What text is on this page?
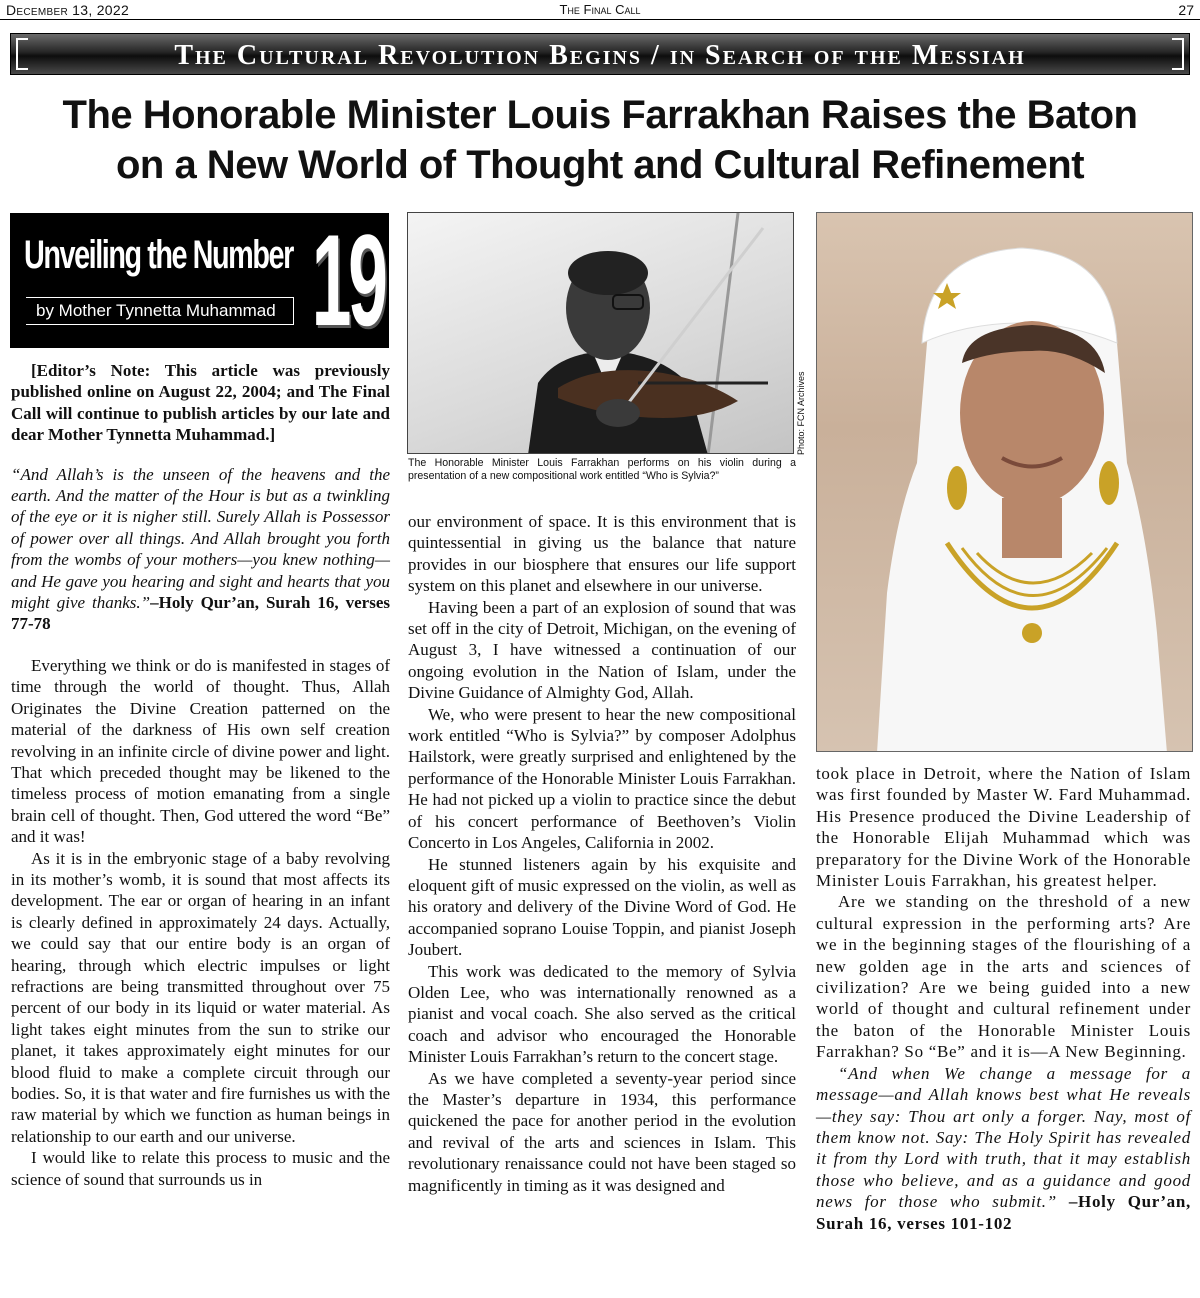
December 13, 2022	The Final Call	27
The Cultural Revolution Begins / in Search of the Messiah
The Honorable Minister Louis Farrakhan Raises the Baton
on a New World of Thought and Cultural Refinement
Unveiling the Number
by Mother Tynnetta Muhammad 19
Photo: FCN Archives
The Honorable Minister Louis Farrakhan performs on his violin during a presentation of a new compositional work entitled “Who is Sylvia?”

[Editor’s Note: This article was previously published online on August 22, 2004; and The Final Call will continue to publish articles by our late and dear Mother Tynnetta Muhammad.]

“And Allah’s is the unseen of the heavens and the earth. And the matter of the Hour is but as a twinkling of the eye or it is nigher still. Surely Allah is Possessor of power over all things. And Allah brought you forth from the wombs of your mothers—you knew nothing—and He gave you hearing and sight and hearts that you might give thanks.”–Holy Qur’an, Surah 16, verses 77-78

Everything we think or do is manifested in stages of time through the world of thought. Thus, Allah Originates the Divine Creation patterned on the material of the darkness of His own self creation revolving in an infinite circle of divine power and light. That which preceded thought may be likened to the timeless process of motion emanating from a single brain cell of thought. Then, God uttered the word “Be” and it was!

As it is in the embryonic stage of a baby revolving in its mother’s womb, it is sound that most affects its development. The ear or organ of hearing in an infant is clearly defined in approximately 24 days. Actually, we could say that our entire body is an organ of hearing, through which electric impulses or light refractions are being transmitted throughout over 75 percent of our body in its liquid or water material. As light takes eight minutes from the sun to strike our planet, it takes approximately eight minutes for our blood fluid to make a complete circuit through our bodies. So, it is that water and fire furnishes us with the raw material by which we function as human beings in relationship to our earth and our universe.

I would like to relate this process to music and the science of sound that surrounds us in

our environment of space. It is this environment that is quintessential in giving us the balance that nature provides in our biosphere that ensures our life support system on this planet and elsewhere in our universe.

Having been a part of an explosion of sound that was set off in the city of Detroit, Michigan, on the evening of August 3, I have witnessed a continuation of our ongoing evolution in the Nation of Islam, under the Divine Guidance of Almighty God, Allah.

We, who were present to hear the new compositional work entitled “Who is Sylvia?” by composer Adolphus Hailstork, were greatly surprised and enlightened by the performance of the Honorable Minister Louis Farrakhan. He had not picked up a violin to practice since the debut of his concert performance of Beethoven’s Violin Concerto in Los Angeles, California in 2002.

He stunned listeners again by his exquisite and eloquent gift of music expressed on the violin, as well as his oratory and delivery of the Divine Word of God. He accompanied soprano Louise Toppin, and pianist Joseph Joubert.

This work was dedicated to the memory of Sylvia Olden Lee, who was internationally renowned as a pianist and vocal coach. She also served as the critical coach and advisor who encouraged the Honorable Minister Louis Farrakhan’s return to the concert stage.

As we have completed a seventy-year period since the Master’s departure in 1934, this performance quickened the pace for another period in the evolution and revival of the arts and sciences in Islam. This revolutionary renaissance could not have been staged so magnificently in timing as it was designed and

took place in Detroit, where the Nation of Islam was first founded by Master W. Fard Muhammad. His Presence produced the Divine Leadership of the Honorable Elijah Muhammad which was preparatory for the Divine Work of the Honorable Minister Louis Farrakhan, his greatest helper.

Are we standing on the threshold of a new cultural expression in the performing arts? Are we in the beginning stages of the flourishing of a new golden age in the arts and sciences of civilization? Are we being guided into a new world of thought and cultural refinement under the baton of the Honorable Minister Louis Farrakhan? So “Be” and it is—A New Beginning.

“And when We change a message for a message—and Allah knows best what He reveals—they say: Thou art only a forger. Nay, most of them know not. Say: The Holy Spirit has revealed it from thy Lord with truth, that it may establish those who believe, and as a guidance and good news for those who submit.” –Holy Qur’an, Surah 16, verses 101-102
